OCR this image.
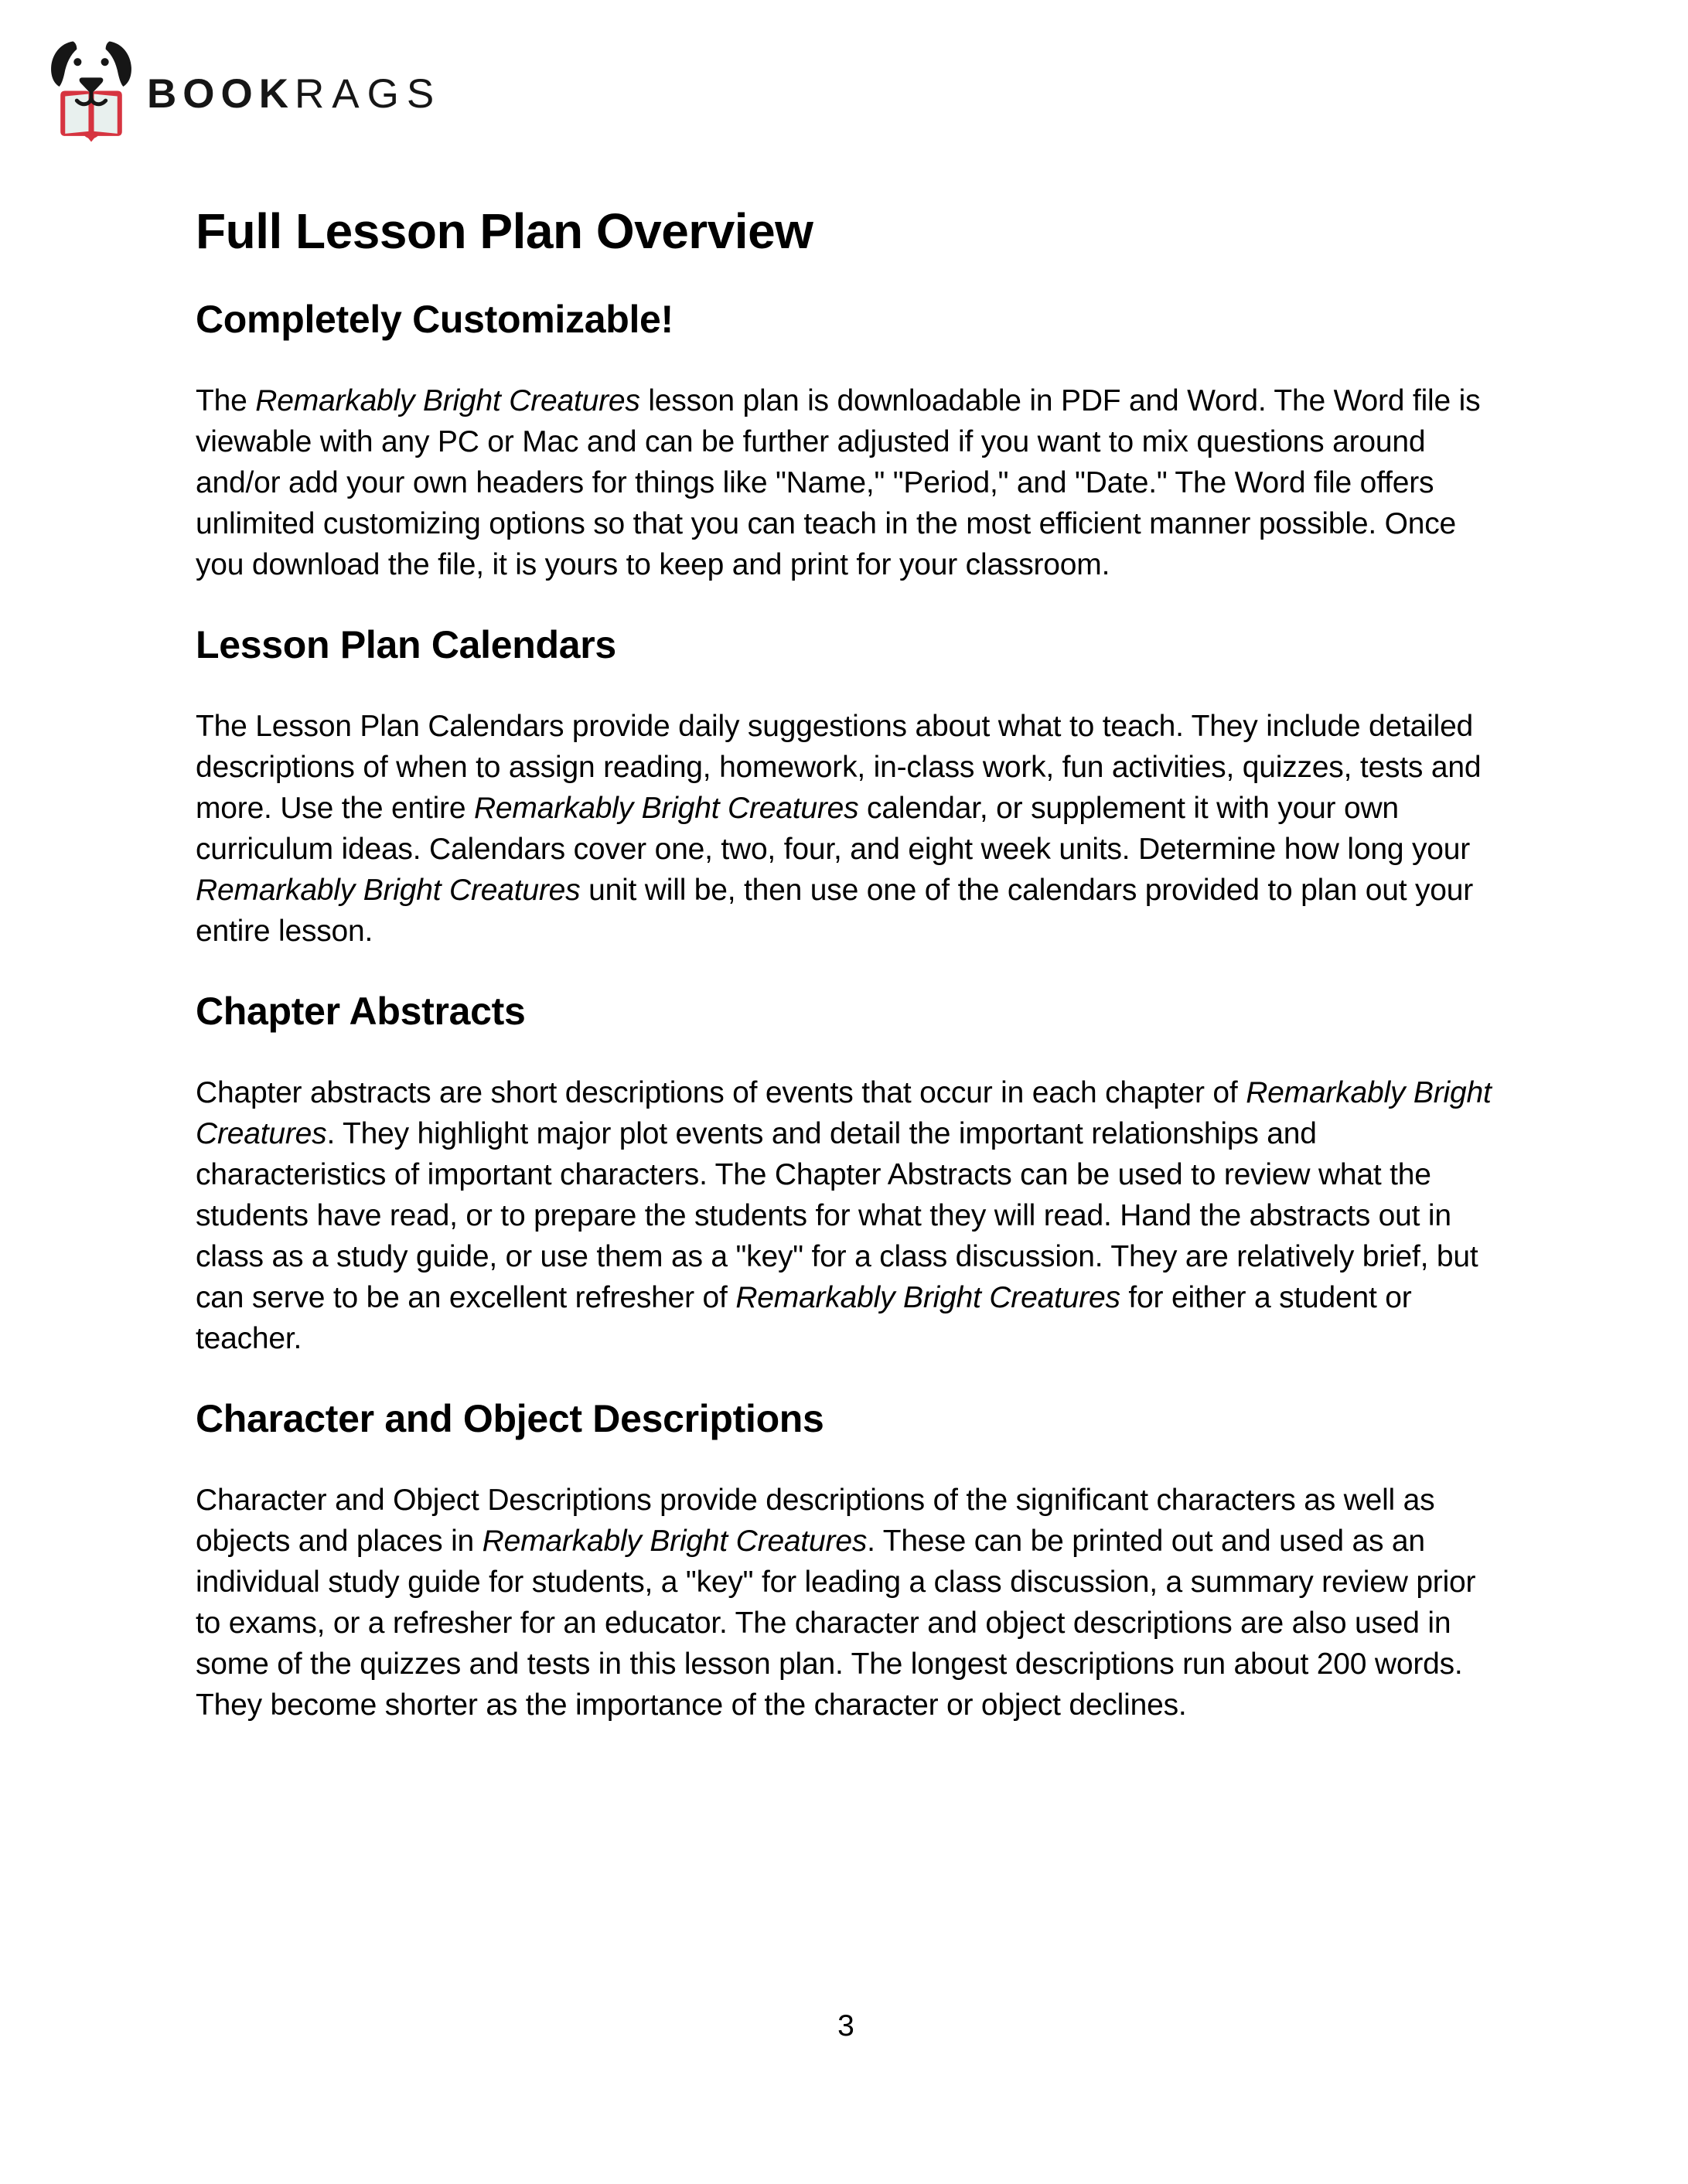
BOOKRAGS
Full Lesson Plan Overview
Completely Customizable!

The Remarkably Bright Creatures lesson plan is downloadable in PDF and Word. The Word file is viewable with any PC or Mac and can be further adjusted if you want to mix questions around and/or add your own headers for things like "Name," "Period," and "Date." The Word file offers unlimited customizing options so that you can teach in the most efficient manner possible. Once you download the file, it is yours to keep and print for your classroom.

Lesson Plan Calendars

The Lesson Plan Calendars provide daily suggestions about what to teach. They include detailed descriptions of when to assign reading, homework, in-class work, fun activities, quizzes, tests and more. Use the entire Remarkably Bright Creatures calendar, or supplement it with your own curriculum ideas. Calendars cover one, two, four, and eight week units. Determine how long your Remarkably Bright Creatures unit will be, then use one of the calendars provided to plan out your entire lesson.

Chapter Abstracts

Chapter abstracts are short descriptions of events that occur in each chapter of Remarkably Bright Creatures. They highlight major plot events and detail the important relationships and characteristics of important characters. The Chapter Abstracts can be used to review what the students have read, or to prepare the students for what they will read. Hand the abstracts out in class as a study guide, or use them as a "key" for a class discussion. They are relatively brief, but can serve to be an excellent refresher of Remarkably Bright Creatures for either a student or teacher.

Character and Object Descriptions

Character and Object Descriptions provide descriptions of the significant characters as well as objects and places in Remarkably Bright Creatures. These can be printed out and used as an individual study guide for students, a "key" for leading a class discussion, a summary review prior to exams, or a refresher for an educator. The character and object descriptions are also used in some of the quizzes and tests in this lesson plan. The longest descriptions run about 200 words. They become shorter as the importance of the character or object declines.

3
